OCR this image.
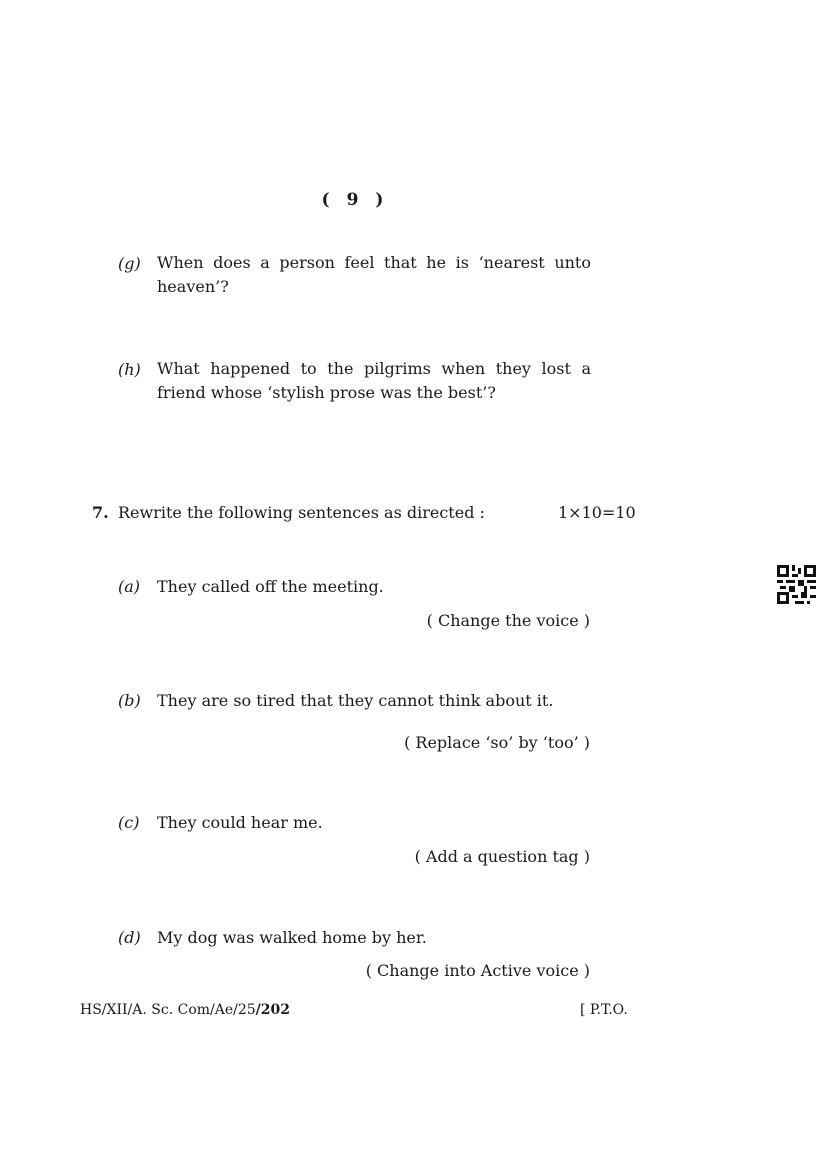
( 9 )
(g) When does a person feel that he is ‘nearest unto heaven’?
(h) What happened to the pilgrims when they lost a friend whose ‘stylish prose was the best’?
7. Rewrite the following sentences as directed :	1×10=10
(a) They called off the meeting.
( Change the voice )
(b) They are so tired that they cannot think about it.
( Replace ‘so’ by ‘too’ )
(c) They could hear me.
( Add a question tag )
(d) My dog was walked home by her.
( Change into Active voice )
HS/XII/A. Sc. Com/Ae/25/202	[ P.T.O.
